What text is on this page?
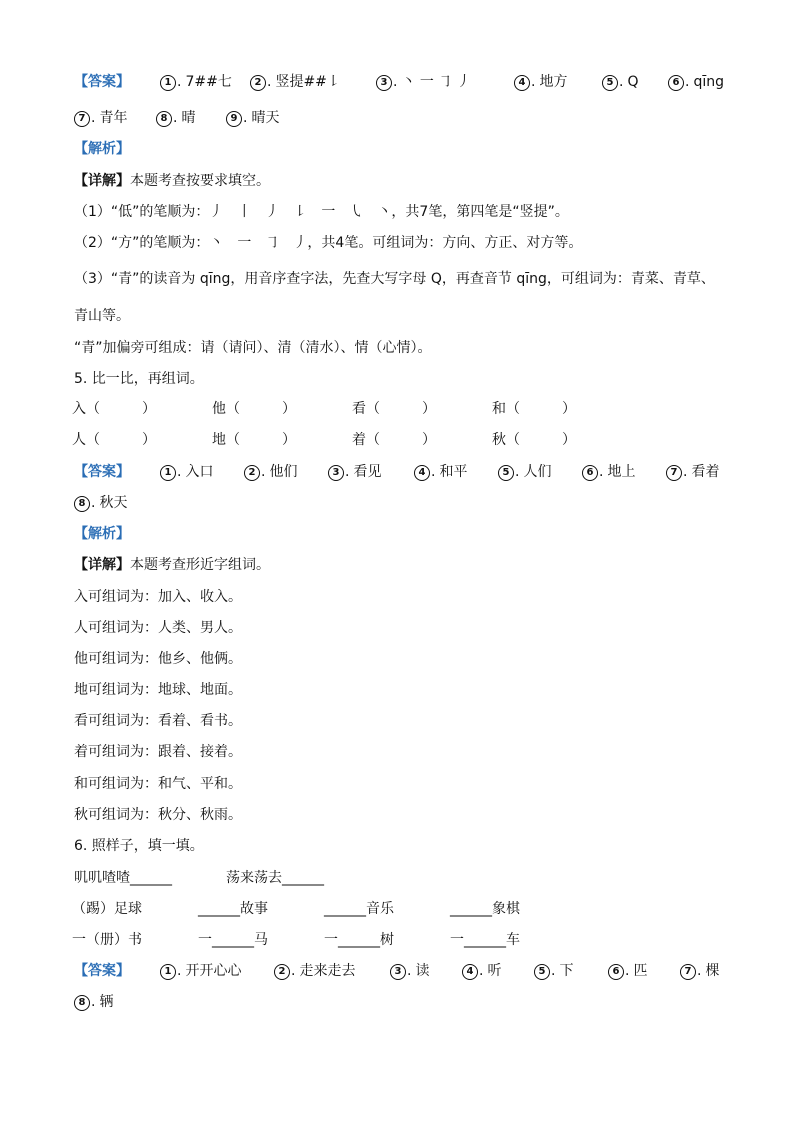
【答案】	1 . 7##七	2 . 竖提##㇙	3 . 丶 一 ㇆ 丿	4 . 地方	5 . Q	6 . qīng
7 . 青年	8 . 晴	9 . 晴天
【解析】
【详解】本题考查按要求填空。
（1）“低”的笔顺为：丿　丨　丿　㇙　一　㇂　丶，共7笔，第四笔是“竖提”。
（2）“方”的笔顺为：丶　一　㇆　丿，共4笔。可组词为：方向、方正、对方等。
（3）“青”的读音为 qīng，用音序查字法，先查大写字母 Q，再查音节 qīng，可组词为：青菜、青草、
青山等。
“青”加偏旁可组成：请（请问）、清（清水）、情（心情）。
5. 比一比，再组词。
入（　　　）	他（　　　）	看（　　　）	和（　　　）
人（　　　）	地（　　　）	着（　　　）	秋（　　　）
【答案】	1 . 入口	2 . 他们	3 . 看见	4 . 和平	5 . 人们	6 . 地上	7 . 看着
8 . 秋天
【解析】
【详解】本题考查形近字组词。
入可组词为：加入、收入。
人可组词为：人类、男人。
他可组词为：他乡、他俩。
地可组词为：地球、地面。
看可组词为：看着、看书。
着可组词为：跟着、接着。
和可组词为：和气、平和。
秋可组词为：秋分、秋雨。
6. 照样子，填一填。
叽叽喳喳______	荡来荡去______
（踢）足球	______故事	______音乐	______象棋
一（册）书	一______马	一______树	一______车
【答案】	1 . 开开心心	2 . 走来走去	3 . 读	4 . 听	5 . 下	6 . 匹	7 . 棵
8 . 辆
